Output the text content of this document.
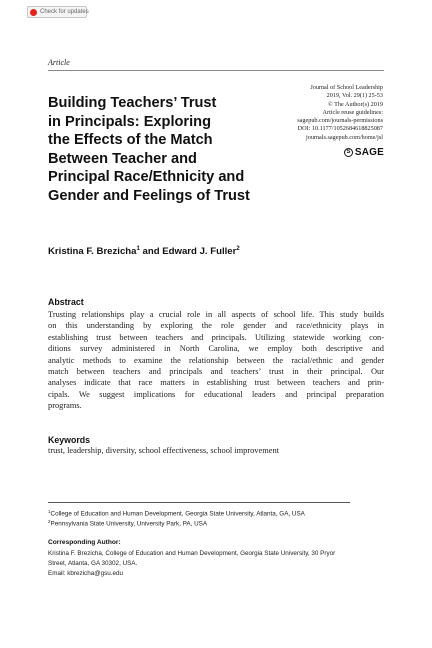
Check for updates
Article
Building Teachers’ Trust
in Principals: Exploring
the Effects of the Match
Between Teacher and
Principal Race/Ethnicity and
Gender and Feelings of Trust
Journal of School Leadership
2019, Vol. 29(1) 25-53
© The Author(s) 2019
Article reuse guidelines:
sagepub.com/journals-permissions
DOI: 10.1177/1052684618825087
journals.sagepub.com/home/jsl
S SAGE
Kristina F. Brezicha$^1$ and Edward J. Fuller$^2$
Abstract
Trusting relationships play a crucial role in all aspects of school life. This study builds
on this understanding by exploring the role gender and race/ethnicity plays in
establishing trust between teachers and principals. Utilizing statewide working con-
ditions survey administered in North Carolina, we employ both descriptive and
analytic methods to examine the relationship between the racial/ethnic and gender
match between teachers and principals and teachers’ trust in their principal. Our
analyses indicate that race matters in establishing trust between teachers and prin-
cipals. We suggest implications for educational leaders and principal preparation
programs.
Keywords
trust, leadership, diversity, school effectiveness, school improvement
$^1$College of Education and Human Development, Georgia State University, Atlanta, GA, USA
$^2$Pennsylvania State University, University Park, PA, USA
Corresponding Author:
Kristina F. Brezicha, College of Education and Human Development, Georgia State University, 30 Pryor
Street, Atlanta, GA 30302, USA.
Email: kbrezicha@gsu.edu
